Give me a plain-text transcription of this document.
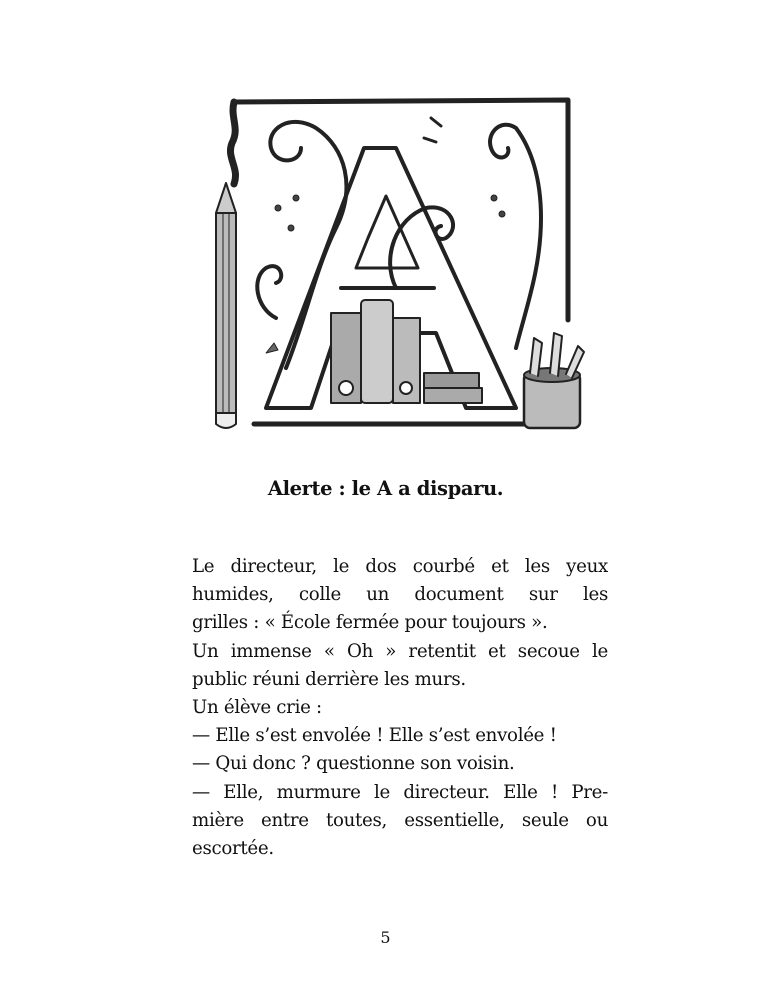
Alerte : le A a disparu.
Le directeur, le dos courbé et les yeux
humides, colle un document sur les
grilles : « École fermée pour toujours ».
Un immense « Oh » retentit et secoue le
public réuni derrière les murs.
Un élève crie :
— Elle s’est envolée ! Elle s’est envolée !
— Qui donc ? questionne son voisin.
— Elle, murmure le directeur. Elle ! Pre-
mière entre toutes, essentielle, seule ou
escortée.
5
